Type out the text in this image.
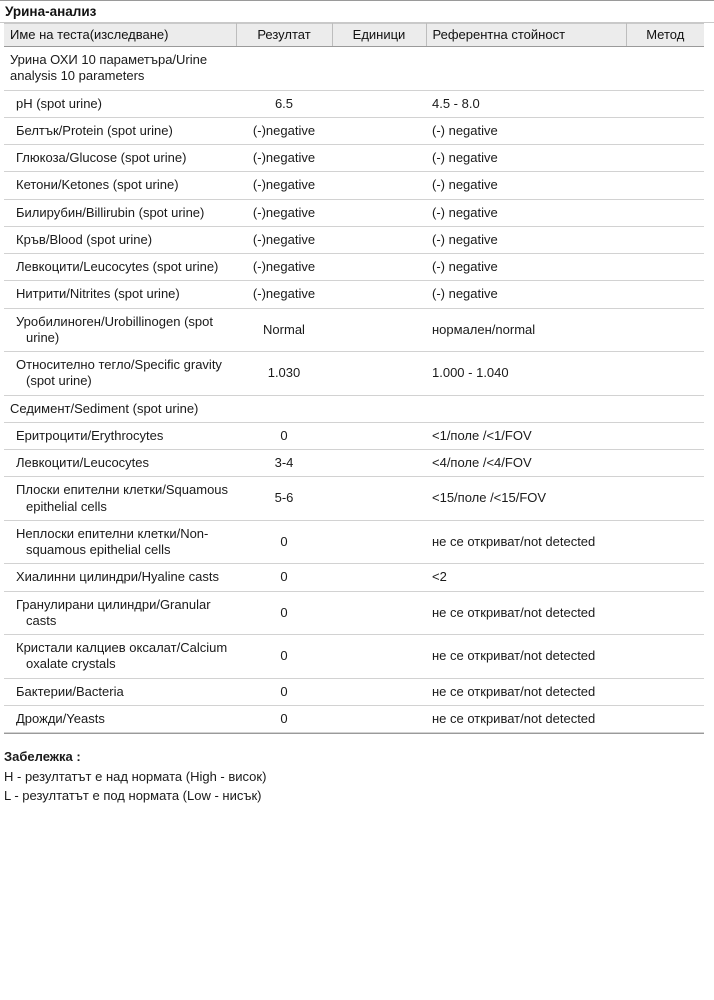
Урина-анализ
Име на теста(изследване)	Резултат	Единици	Референтна стойност	Метод
Урина ОХИ 10 параметъра/Urine analysis 10 parameters				
pH (spot urine)	6.5		4.5 - 8.0	
Белтък/Protein (spot urine)	(-)negative		(-) negative	
Глюкоза/Glucose (spot urine)	(-)negative		(-) negative	
Кетони/Ketones (spot urine)	(-)negative		(-) negative	
Билирубин/Billirubin (spot urine)	(-)negative		(-) negative	
Кръв/Blood (spot urine)	(-)negative		(-) negative	
Левкоцити/Leucocytes (spot urine)	(-)negative		(-) negative	
Нитрити/Nitrites (spot urine)	(-)negative		(-) negative	
Уробилиноген/Urobillinogen (spot urine)	Normal		нормален/normal	
Относително тегло/Specific gravity (spot urine)	1.030		1.000 - 1.040	
Седимент/Sediment (spot urine)				
Еритроцити/Erythrocytes	0		<1/поле /<1/FOV	
Левкоцити/Leucocytes	3-4		<4/поле /<4/FOV	
Плоски епителни клетки/Squamous epithelial cells	5-6		<15/поле /<15/FOV	
Неплоски епителни клетки/Non-squamous epithelial cells	0		не се откриват/not detected	
Хиалинни цилиндри/Hyaline casts	0		<2	
Гранулирани цилиндри/Granular casts	0		не се откриват/not detected	
Кристали калциев оксалат/Calcium oxalate crystals	0		не се откриват/not detected	
Бактерии/Bacteria	0		не се откриват/not detected	
Дрожди/Yeasts	0		не се откриват/not detected	
Забележка :
H - резултатът е над нормата (High - висок)
L - резултатът е под нормата (Low - нисък)
